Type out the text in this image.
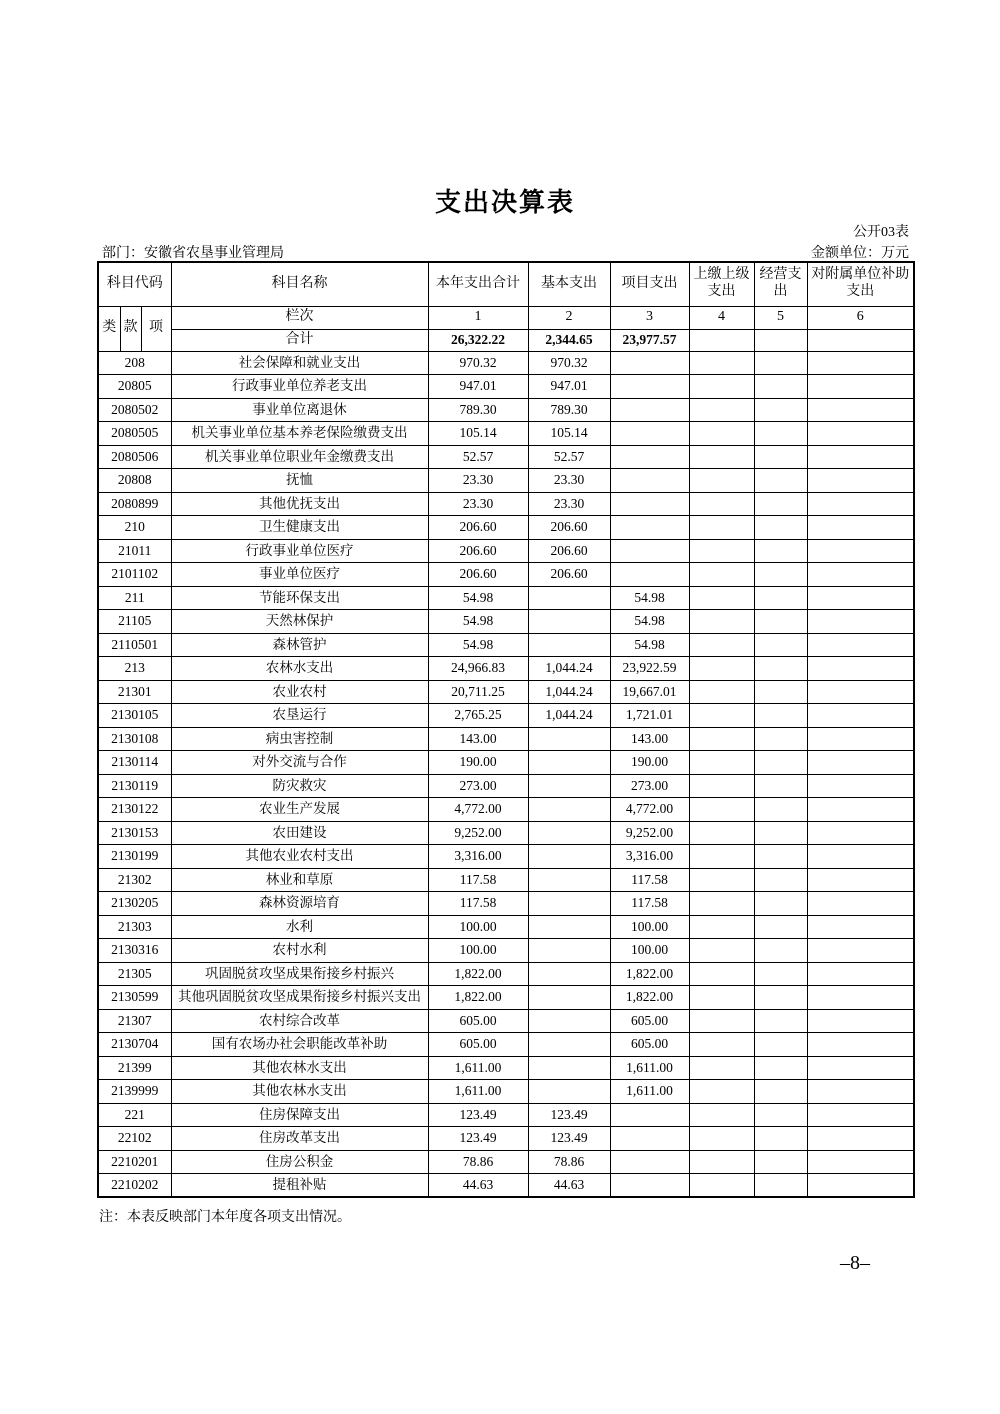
支出决算表
公开03表
部门：安徽省农垦事业管理局	金额单位：万元
科目代码			科目名称	本年支出合计	基本支出	项目支出	上缴上级支出	经营支出	对附属单位补助支出
类	款	项	栏次	1	2	3	4	5	6
			合计	26,322.22	2,344.65	23,977.57			
208			社会保障和就业支出	970.32	970.32				
20805			行政事业单位养老支出	947.01	947.01				
2080502			事业单位离退休	789.30	789.30				
2080505			机关事业单位基本养老保险缴费支出	105.14	105.14				
2080506			机关事业单位职业年金缴费支出	52.57	52.57				
20808			抚恤	23.30	23.30				
2080899			其他优抚支出	23.30	23.30				
210			卫生健康支出	206.60	206.60				
21011			行政事业单位医疗	206.60	206.60				
2101102			事业单位医疗	206.60	206.60				
211			节能环保支出	54.98		54.98			
21105			天然林保护	54.98		54.98			
2110501			森林管护	54.98		54.98			
213			农林水支出	24,966.83	1,044.24	23,922.59			
21301			农业农村	20,711.25	1,044.24	19,667.01			
2130105			农垦运行	2,765.25	1,044.24	1,721.01			
2130108			病虫害控制	143.00		143.00			
2130114			对外交流与合作	190.00		190.00			
2130119			防灾救灾	273.00		273.00			
2130122			农业生产发展	4,772.00		4,772.00			
2130153			农田建设	9,252.00		9,252.00			
2130199			其他农业农村支出	3,316.00		3,316.00			
21302			林业和草原	117.58		117.58			
2130205			森林资源培育	117.58		117.58			
21303			水利	100.00		100.00			
2130316			农村水利	100.00		100.00			
21305			巩固脱贫攻坚成果衔接乡村振兴	1,822.00		1,822.00			
2130599			其他巩固脱贫攻坚成果衔接乡村振兴支出	1,822.00		1,822.00			
21307			农村综合改革	605.00		605.00			
2130704			国有农场办社会职能改革补助	605.00		605.00			
21399			其他农林水支出	1,611.00		1,611.00			
2139999			其他农林水支出	1,611.00		1,611.00			
221			住房保障支出	123.49	123.49				
22102			住房改革支出	123.49	123.49				
2210201			住房公积金	78.86	78.86				
2210202			提租补贴	44.63	44.63				
注：本表反映部门本年度各项支出情况。
–8–
